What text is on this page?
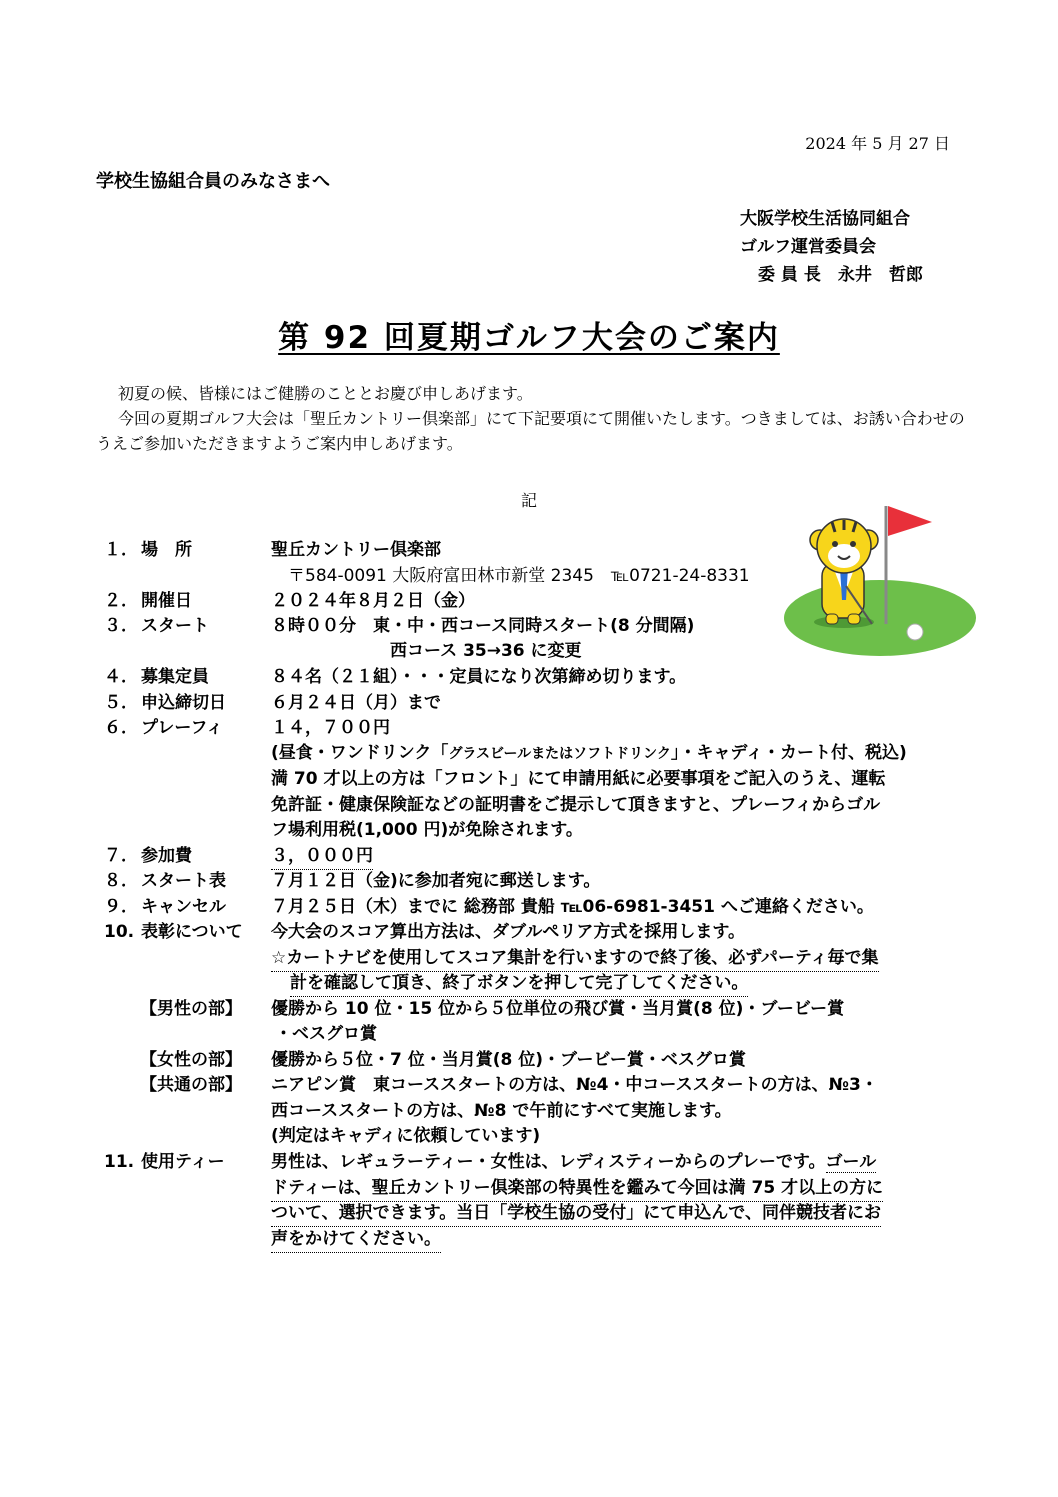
2024 年 5 月 27 日
学校生協組合員のみなさまへ
大阪学校生活協同組合
ゴルフ運営委員会
委 員 長　永井　哲郎
第 92 回夏期ゴルフ大会のご案内

初夏の候、皆様にはご健勝のこととお慶び申しあげます。

今回の夏期ゴルフ大会は「聖丘カントリー倶楽部」にて下記要項にて開催いたします。つきましては、お誘い合わせのうえご参加いただきますようご案内申しあげます。

記
１． 場　所	聖丘カントリー倶楽部
〒584-0091 大阪府富田林市新堂 2345　℡0721-24-8331
２． 開催日	２０２４年８月２日（金）
３． スタート	８時００分　東・中・西コース同時スタート(8 分間隔)
西コース 35→36 に変更
４． 募集定員	８４名（２１組）・・・定員になり次第締め切ります。
５． 申込締切日	６月２４日（月）まで
６． プレーフィ	１４，７００円
(昼食・ワンドリンク「グラスビールまたはソフトドリンク」・キャディ・カート付、税込)
満 70 才以上の方は「フロント」にて申請用紙に必要事項をご記入のうえ、運転
免許証・健康保険証などの証明書をご提示して頂きますと、プレーフィからゴル
フ場利用税(1,000 円)が免除されます。
７． 参加費	３，０００円
８． スタート表	７月１２日（金)に参加者宛に郵送します。
９． キャンセル	７月２５日（木）までに 総務部 貴船 ℡06-6981-3451 へご連絡ください。
10. 表彰について 今大会のスコア算出方法は、ダブルペリア方式を採用します。
☆カートナビを使用してスコア集計を行いますので終了後、必ずパーティ毎で集
計を確認して頂き、終了ボタンを押して完了してください。
【男性の部】 優勝から 10 位・15 位から５位単位の飛び賞・当月賞(8 位)・ブービー賞
・ベスグロ賞
【女性の部】 優勝から５位・7 位・当月賞(8 位)・ブービー賞・ベスグロ賞
【共通の部】 ニアピン賞　東コーススタートの方は、№4・中コーススタートの方は、№3・
西コーススタートの方は、№8 で午前にすべて実施します。
(判定はキャディに依頼しています)
11. 使用ティー	男性は、レギュラーティー・女性は、レディスティーからのプレーです。ゴール
ドティーは、聖丘カントリー倶楽部の特異性を鑑みて今回は満 75 才以上の方に
ついて、選択できます。当日「学校生協の受付」にて申込んで、同伴競技者にお
声をかけてください。
